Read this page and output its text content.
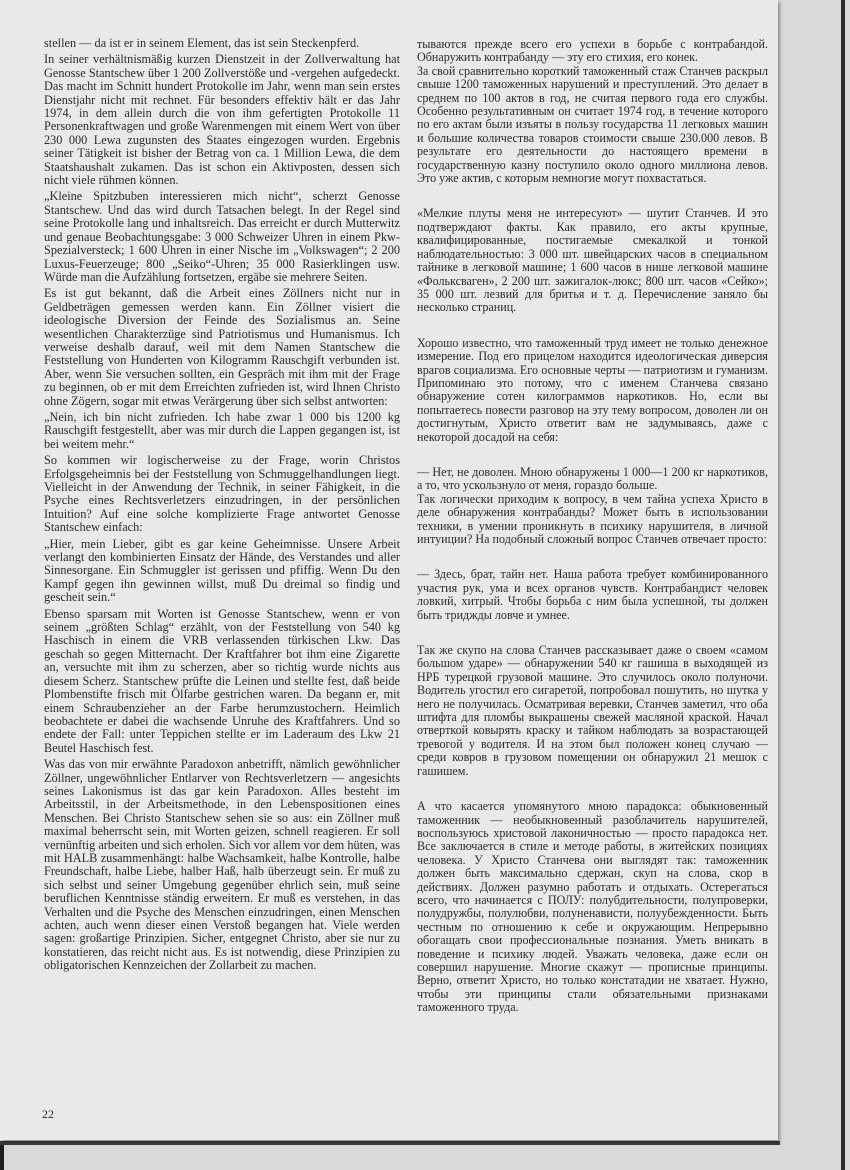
stellen — da ist er in seinem Element, das ist sein Steckenpferd.

In seiner verhältnismäßig kurzen Dienstzeit in der Zollverwaltung hat Genosse Stantschew über 1 200 Zollverstöße und -vergehen aufgedeckt. Das macht im Schnitt hundert Protokolle im Jahr, wenn man sein erstes Dienstjahr nicht mit rechnet. Für besonders effektiv hält er das Jahr 1974, in dem allein durch die von ihm gefertigten Protokolle 11 Personenkraftwagen und große Warenmengen mit einem Wert von über 230 000 Lewa zugunsten des Staates eingezogen wurden. Ergebnis seiner Tätigkeit ist bisher der Betrag von ca. 1 Million Lewa, die dem Staatshaushalt zukamen. Das ist schon ein Aktivposten, dessen sich nicht viele rühmen können.

„Kleine Spitzbuben interessieren mich nicht“, scherzt Genosse Stantschew. Und das wird durch Tatsachen belegt. In der Regel sind seine Protokolle lang und inhaltsreich. Das erreicht er durch Mutterwitz und genaue Beobachtungsgabe: 3 000 Schweizer Uhren in einem Pkw-Spezialversteck; 1 600 Uhren in einer Nische im „Volkswagen“; 2 200 Luxus-Feuerzeuge; 800 „Seiko“-Uhren; 35 000 Rasierklingen usw. Würde man die Aufzählung fortsetzen, ergäbe sie mehrere Seiten.

Es ist gut bekannt, daß die Arbeit eines Zöllners nicht nur in Geldbeträgen gemessen werden kann. Ein Zöllner visiert die ideologische Diversion der Feinde des Sozialismus an. Seine wesentlichen Charakterzüge sind Patriotismus und Humanismus. Ich verweise deshalb darauf, weil mit dem Namen Stantschew die Feststellung von Hunderten von Kilogramm Rauschgift verbunden ist. Aber, wenn Sie versuchen sollten, ein Gespräch mit ihm mit der Frage zu beginnen, ob er mit dem Erreichten zufrieden ist, wird Ihnen Christo ohne Zögern, sogar mit etwas Verärgerung über sich selbst antworten:

„Nein, ich bin nicht zufrieden. Ich habe zwar 1 000 bis 1200 kg Rauschgift festgestellt, aber was mir durch die Lappen gegangen ist, ist bei weitem mehr.“

So kommen wir logischerweise zu der Frage, worin Christos Erfolgsgeheimnis bei der Feststellung von Schmuggelhandlungen liegt. Vielleicht in der Anwendung der Technik, in seiner Fähigkeit, in die Psyche eines Rechtsverletzers einzudringen, in der persönlichen Intuition? Auf eine solche komplizierte Frage antwortet Genosse Stantschew einfach:

„Hier, mein Lieber, gibt es gar keine Geheimnisse. Unsere Arbeit verlangt den kombinierten Einsatz der Hände, des Verstandes und aller Sinnesorgane. Ein Schmuggler ist gerissen und pfiffig. Wenn Du den Kampf gegen ihn gewinnen willst, muß Du dreimal so findig und gescheit sein.“

Ebenso sparsam mit Worten ist Genosse Stantschew, wenn er von seinem „größten Schlag“ erzählt, von der Feststellung von 540 kg Haschisch in einem die VRB verlassenden türkischen Lkw. Das geschah so gegen Mitternacht. Der Kraftfahrer bot ihm eine Zigarette an, versuchte mit ihm zu scherzen, aber so richtig wurde nichts aus diesem Scherz. Stantschew prüfte die Leinen und stellte fest, daß beide Plombenstifte frisch mit Ölfarbe gestrichen waren. Da begann er, mit einem Schraubenzieher an der Farbe herumzustochern. Heimlich beobachtete er dabei die wachsende Unruhe des Kraftfahrers. Und so endete der Fall: unter Teppichen stellte er im Laderaum des Lkw 21 Beutel Haschisch fest.

Was das von mir erwähnte Paradoxon anbetrifft, nämlich gewöhnlicher Zöllner, ungewöhnlicher Entlarver von Rechtsverletzern — angesichts seines Lakonismus ist das gar kein Paradoxon. Alles besteht im Arbeitsstil, in der Arbeitsmethode, in den Lebenspositionen eines Menschen. Bei Christo Stantschew sehen sie so aus: ein Zöllner muß maximal beherrscht sein, mit Worten geizen, schnell reagieren. Er soll vernünftig arbeiten und sich erholen. Sich vor allem vor dem hüten, was mit HALB zusammenhängt: halbe Wachsamkeit, halbe Kontrolle, halbe Freundschaft, halbe Liebe, halber Haß, halb überzeugt sein. Er muß zu sich selbst und seiner Umgebung gegenüber ehrlich sein, muß seine beruflichen Kenntnisse ständig erweitern. Er muß es verstehen, in das Verhalten und die Psyche des Menschen einzudringen, einen Menschen achten, auch wenn dieser einen Verstoß begangen hat. Viele werden sagen: großartige Prinzipien. Sicher, entgegnet Christo, aber sie nur zu konstatieren, das reicht nicht aus. Es ist notwendig, diese Prinzipien zu obligatorischen Kennzeichen der Zollarbeit zu machen.

тываются прежде всего его успехи в борьбе с контрабандой. Обнаружить контрабанду — эту его стихия, его конек.

За свой сравнительно короткий таможенный стаж Станчев раскрыл свыше 1200 таможенных нарушений и преступлений. Это делает в среднем по 100 актов в год, не считая первого года его службы. Особенно результативным он считает 1974 год, в течение которого по его актам были изъяты в пользу государства 11 легковых машин и большие количества товаров стоимости свыше 230.000 левов. В результате его деятельности до настоящего времени в государственную казну поступило около одного миллиона левов. Это уже актив, с которым немногие могут похвастаться.

«Мелкие плуты меня не интересуют» — шутит Станчев. И это подтверждают факты. Как правило, его акты крупные, квалифицированные, постигаемые смекалкой и тонкой наблюдательностью: 3 000 шт. швейцарских часов в специальном тайнике в легковой машине; 1 600 часов в нише легковой машине «Фольксваген», 2 200 шт. зажигалок-люкс; 800 шт. часов «Сейко»; 35 000 шт. лезвий для бритья и т. д. Перечисление заняло бы несколько страниц.

Хорошо известно, что таможенный труд имеет не только денежное измерение. Под его прицелом находится идеологическая диверсия врагов социализма. Его основные черты — патриотизм и гуманизм. Припоминаю это потому, что с именем Станчева связано обнаружение сотен килограммов наркотиков. Но, если вы попытаетесь повести разговор на эту тему вопросом, доволен ли он достигнутым, Христо ответит вам не задумываясь, даже с некоторой досадой на себя:

— Нет, не доволен. Мною обнаружены 1 000—1 200 кг наркотиков, а то, что ускользнуло от меня, гораздо больше.

Так логически приходим к вопросу, в чем тайна успеха Христо в деле обнаружения контрабанды? Может быть в использовании техники, в умении проникнуть в психику нарушителя, в личной интуиции? На подобный сложный вопрос Станчев отвечает просто:

— Здесь, брат, тайн нет. Наша работа требует комбинированного участия рук, ума и всех органов чувств. Контрабандист человек ловкий, хитрый. Чтобы борьба с ним была успешной, ты должен быть триджды ловче и умнее.

Так же скупо на слова Станчев рассказывает даже о своем «самом большом ударе» — обнаружении 540 кг гашиша в выходящей из НРБ турецкой грузовой машине. Это случилось около полуночи. Водитель угостил его сигаретой, попробовал пошутить, но шутка у него не получилась. Осматривая веревки, Станчев заметил, что оба штифта для пломбы выкрашены свежей масляной краской. Начал отверткой ковырять краску и тайком наблюдать за возрастающей тревогой у водителя. И на этом был положен конец случаю — среди ковров в грузовом помещении он обнаружил 21 мешок с гашишем.

А что касается упомянутого мною парадокса: обыкновенный таможенник — необыкновенный разоблачитель нарушителей, воспользуюсь христовой лаконичностью — просто парадокса нет. Все заключается в стиле и методе работы, в житейских позициях человека. У Христо Станчева они выглядят так: таможенник должен быть максимально сдержан, скуп на слова, скор в действиях. Должен разумно работать и отдыхать. Остерегаться всего, что начинается с ПОЛУ: полубдительности, полупроверки, полудружбы, полулюбви, полуненависти, полуубежденности. Быть честным по отношению к себе и окружающим. Непрерывно обогащать свои профессиональные познания. Уметь вникать в поведение и психику людей. Уважать человека, даже если он совершил нарушение. Многие скажут — прописные принципы. Верно, ответит Христо, но только констатадии не хватает. Нужно, чтобы эти принципы стали обязательными признаками таможенного труда.

22
